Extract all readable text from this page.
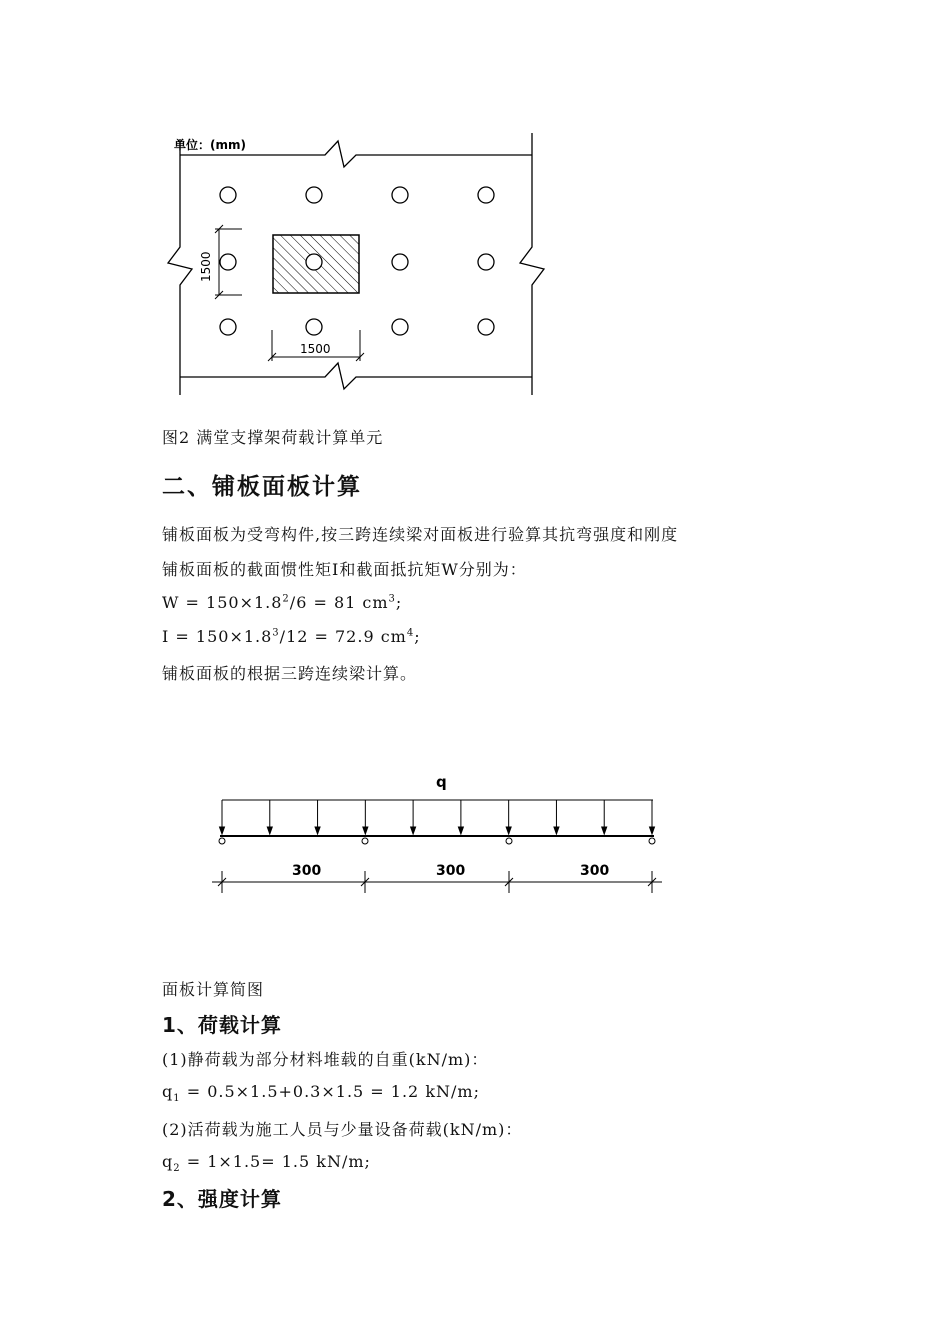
1500
1500
单位：(mm)
图2 满堂支撑架荷载计算单元
二、铺板面板计算
铺板面板为受弯构件,按三跨连续梁对面板进行验算其抗弯强度和刚度
铺板面板的截面惯性矩I和截面抵抗矩W分别为：
$W = 150\times 1.8^2/6 = 81$ $cm^3$;
$I = 150\times 1.8^3/12 = 72.9$ $cm^4$;
铺板面板的根据三跨连续梁计算。
q
300	300	300
面板计算简图
1、荷载计算
(1)静荷载为部分材料堆载的自重(kN/m)：
$q_1 = 0.5\times 1.5+0.3\times 1.5 = 1.2$ kN/m;
(2)活荷载为施工人员与少量设备荷载(kN/m)：
$q_2 = 1\times 1.5= 1.5$ kN/m;
2、强度计算
